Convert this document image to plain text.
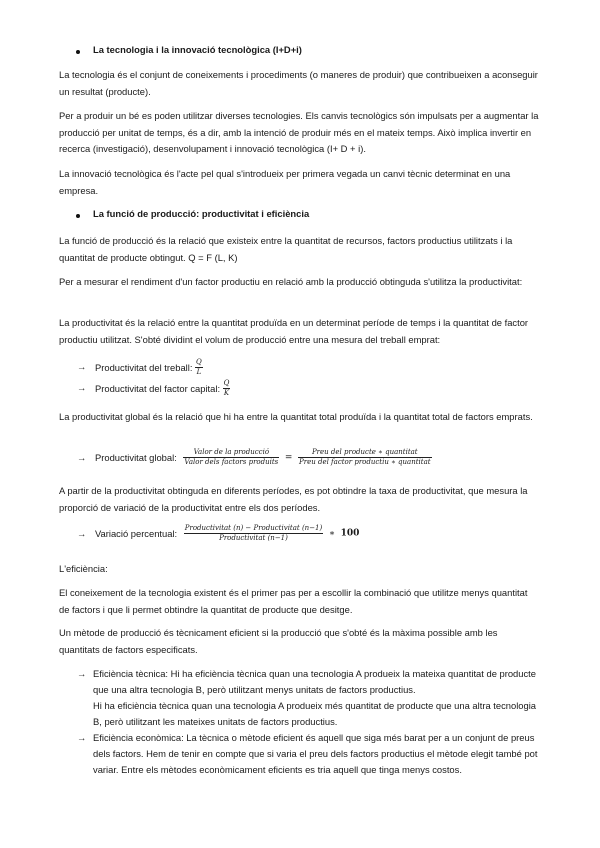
La tecnologia i la innovació tecnològica (I+D+i)
La tecnologia és el conjunt de coneixements i procediments (o maneres de produir) que contribueixen a aconseguir un resultat (producte).
Per a produir un bé es poden utilitzar diverses tecnologies. Els canvis tecnològics són impulsats per a augmentar la producció per unitat de temps, és a dir, amb la intenció de produir més en el mateix temps. Això implica invertir en recerca (investigació), desenvolupament i innovació tecnològica (I+ D + i).
La innovació tecnològica és l'acte pel qual s'introdueix per primera vegada un canvi tècnic determinat en una empresa.
La funció de producció: productivitat i eficiència
La funció de producció és la relació que existeix entre la quantitat de recursos, factors productius utilitzats i la quantitat de producte obtingut. Q = F (L, K)
Per a mesurar el rendiment d'un factor productiu en relació amb la producció obtinguda s'utilitza la productivitat:
La productivitat és la relació entre la quantitat produïda en un determinat període de temps i la quantitat de factor productiu utilitzat. S'obté dividint el volum de producció entre una mesura del treball emprat:
→ Productivitat del treball: $\frac{Q}{L}$
→ Productivitat del factor capital: $\frac{Q}{K}$
La productivitat global és la relació que hi ha entre la quantitat total produïda i la quantitat total de factors emprats.
→ Productivitat global: $\frac{\text{Valor de la producció}}{\text{Valor dels factors produits}} = \frac{\text{Preu del producte ∗ quantitat}}{\text{Preu del factor productiu ∗ quantitat}}$
A partir de la productivitat obtinguda en diferents períodes, es pot obtindre la taxa de productivitat, que mesura la proporció de variació de la productivitat entre els dos períodes.
→ Variació percentual: $\frac{\text{Productivitat (n) − Productivitat (n−1)}}{\text{Productivitat (n−1)}}$ ∗ 100
L'eficiència:
El coneixement de la tecnologia existent és el primer pas per a escollir la combinació que utilitze menys quantitat de factors i que li permet obtindre la quantitat de producte que desitge.
Un mètode de producció és tècnicament eficient si la producció que s'obté és la màxima possible amb les quantitats de factors especificats.
→ Eficiència tècnica: Hi ha eficiència tècnica quan una tecnologia A produeix la mateixa quantitat de producte que una altra tecnologia B, però utilitzant menys unitats de factors productius.
Hi ha eficiència tècnica quan una tecnologia A produeix més quantitat de producte que una altra tecnologia B, però utilitzant les mateixes unitats de factors productius.
→ Eficiència econòmica: La tècnica o mètode eficient és aquell que siga més barat per a un conjunt de preus dels factors. Hem de tenir en compte que si varia el preu dels factors productius el mètode elegit també pot variar. Entre els mètodes econòmicament eficients es tria aquell que tinga menys costos.
